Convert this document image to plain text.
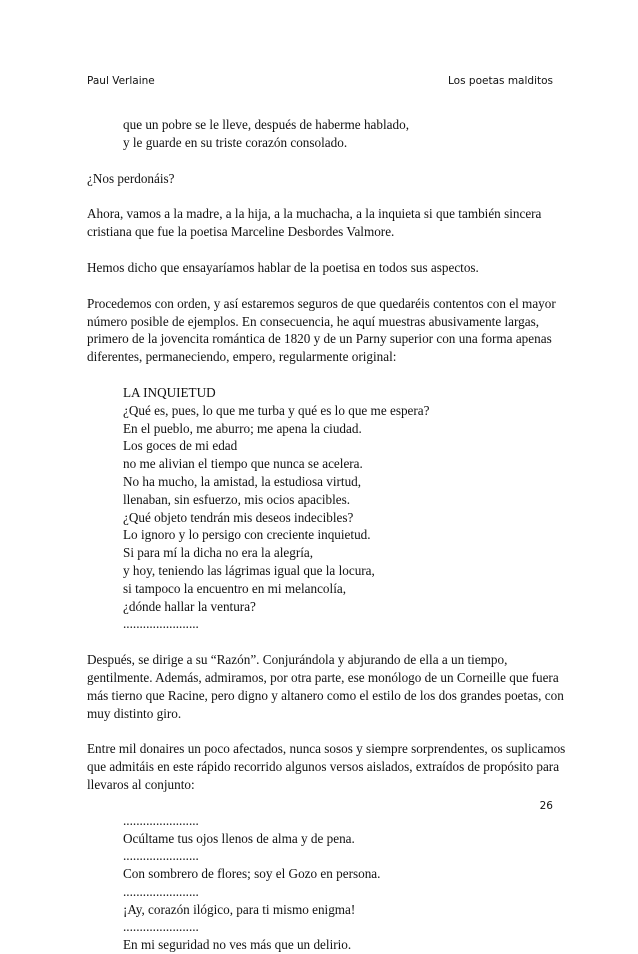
Paul Verlaine	Los poetas malditos
que un pobre se le lleve, después de haberme hablado,
y le guarde en su triste corazón consolado.

¿Nos perdonáis?

Ahora, vamos a la madre, a la hija, a la muchacha, a la inquieta si que también sincera
cristiana que fue la poetisa Marceline Desbordes Valmore.

Hemos dicho que ensayaríamos hablar de la poetisa en todos sus aspectos.

Procedemos con orden, y así estaremos seguros de que quedaréis contentos con el mayor
número posible de ejemplos. En consecuencia, he aquí muestras abusivamente largas,
primero de la jovencita romántica de 1820 y de un Parny superior con una forma apenas
diferentes, permaneciendo, empero, regularmente original:

LA INQUIETUD
¿Qué es, pues, lo que me turba y qué es lo que me espera?
En el pueblo, me aburro; me apena la ciudad.
Los goces de mi edad
no me alivian el tiempo que nunca se acelera.
No ha mucho, la amistad, la estudiosa virtud,
llenaban, sin esfuerzo, mis ocios apacibles.
¿Qué objeto tendrán mis deseos indecibles?
Lo ignoro y lo persigo con creciente inquietud.
Si para mí la dicha no era la alegría,
y hoy, teniendo las lágrimas igual que la locura,
si tampoco la encuentro en mi melancolía,
¿dónde hallar la ventura?
.......................

Después, se dirige a su “Razón”. Conjurándola y abjurando de ella a un tiempo,
gentilmente. Además, admiramos, por otra parte, ese monólogo de un Corneille que fuera
más tierno que Racine, pero digno y altanero como el estilo de los dos grandes poetas, con
muy distinto giro.

Entre mil donaires un poco afectados, nunca sosos y siempre sorprendentes, os suplicamos
que admitáis en este rápido recorrido algunos versos aislados, extraídos de propósito para
llevaros al conjunto:

.......................
Ocúltame tus ojos llenos de alma y de pena.
.......................
Con sombrero de flores; soy el Gozo en persona.
.......................
¡Ay, corazón ilógico, para ti mismo enigma!
.......................
En mi seguridad no ves más que un delirio.
26
